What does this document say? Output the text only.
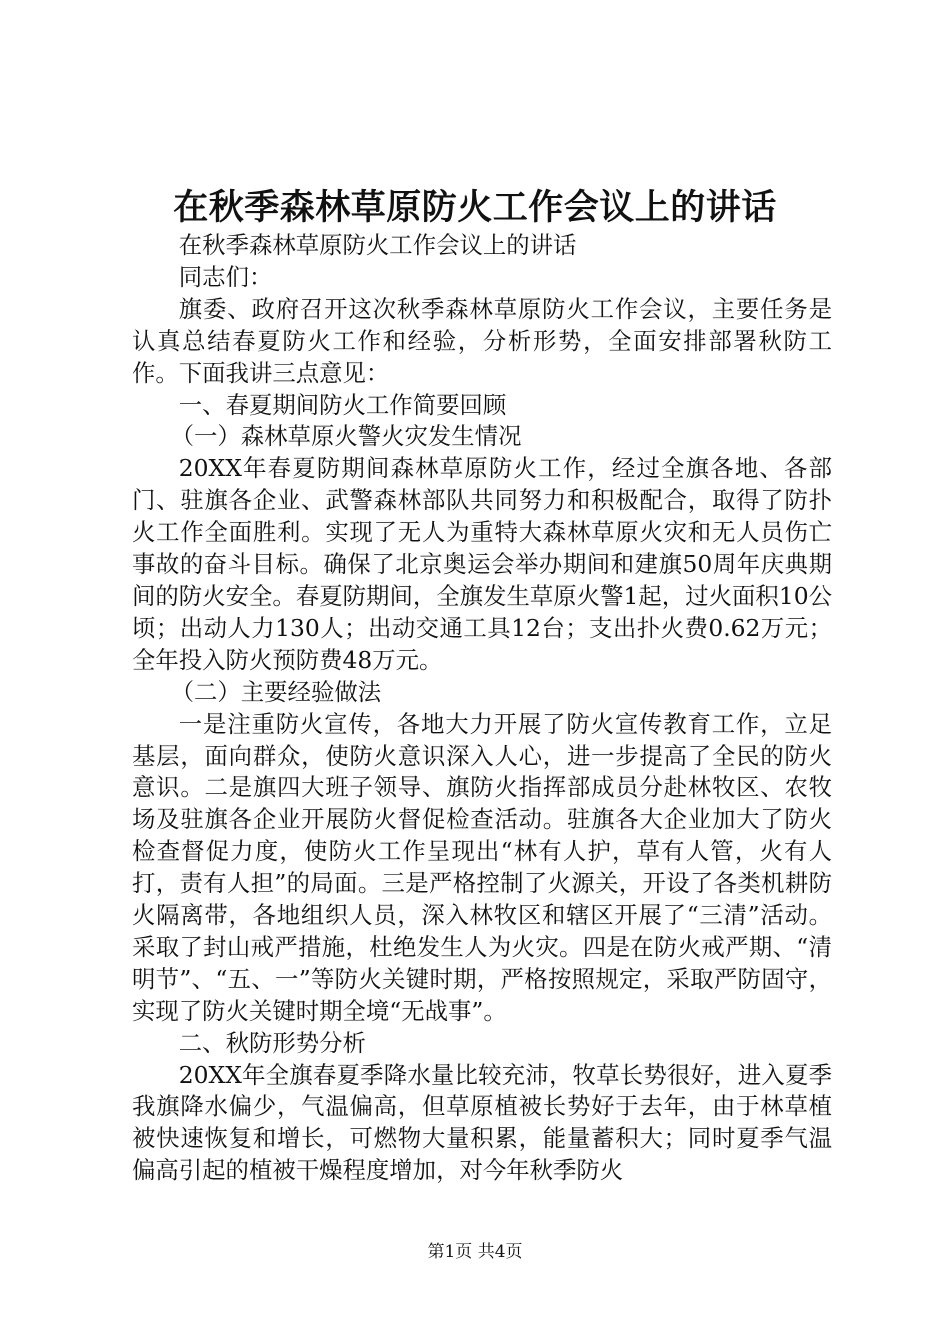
在秋季森林草原防火工作会议上的讲话

在秋季森林草原防火工作会议上的讲话

同志们：

旗委、政府召开这次秋季森林草原防火工作会议，主要任务是认真总结春夏防火工作和经验，分析形势，全面安排部署秋防工作。下面我讲三点意见：

一、春夏期间防火工作简要回顾

（一）森林草原火警火灾发生情况

20XX年春夏防期间森林草原防火工作，经过全旗各地、各部门、驻旗各企业、武警森林部队共同努力和积极配合，取得了防扑火工作全面胜利。实现了无人为重特大森林草原火灾和无人员伤亡事故的奋斗目标。确保了北京奥运会举办期间和建旗50周年庆典期间的防火安全。春夏防期间，全旗发生草原火警1起，过火面积10公顷；出动人力130人；出动交通工具12台；支出扑火费0.62万元；全年投入防火预防费48万元。

（二）主要经验做法

一是注重防火宣传，各地大力开展了防火宣传教育工作，立足基层，面向群众，使防火意识深入人心，进一步提高了全民的防火意识。二是旗四大班子领导、旗防火指挥部成员分赴林牧区、农牧场及驻旗各企业开展防火督促检查活动。驻旗各大企业加大了防火检查督促力度，使防火工作呈现出“林有人护，草有人管，火有人打，责有人担”的局面。三是严格控制了火源关，开设了各类机耕防火隔离带，各地组织人员，深入林牧区和辖区开展了“三清”活动。采取了封山戒严措施，杜绝发生人为火灾。四是在防火戒严期、“清明节”、“五、一”等防火关键时期，严格按照规定，采取严防固守，实现了防火关键时期全境“无战事”。

二、秋防形势分析

20XX年全旗春夏季降水量比较充沛，牧草长势很好，进入夏季我旗降水偏少，气温偏高，但草原植被长势好于去年，由于林草植被快速恢复和增长，可燃物大量积累，能量蓄积大；同时夏季气温偏高引起的植被干燥程度增加，对今年秋季防火

第1页 共4页
